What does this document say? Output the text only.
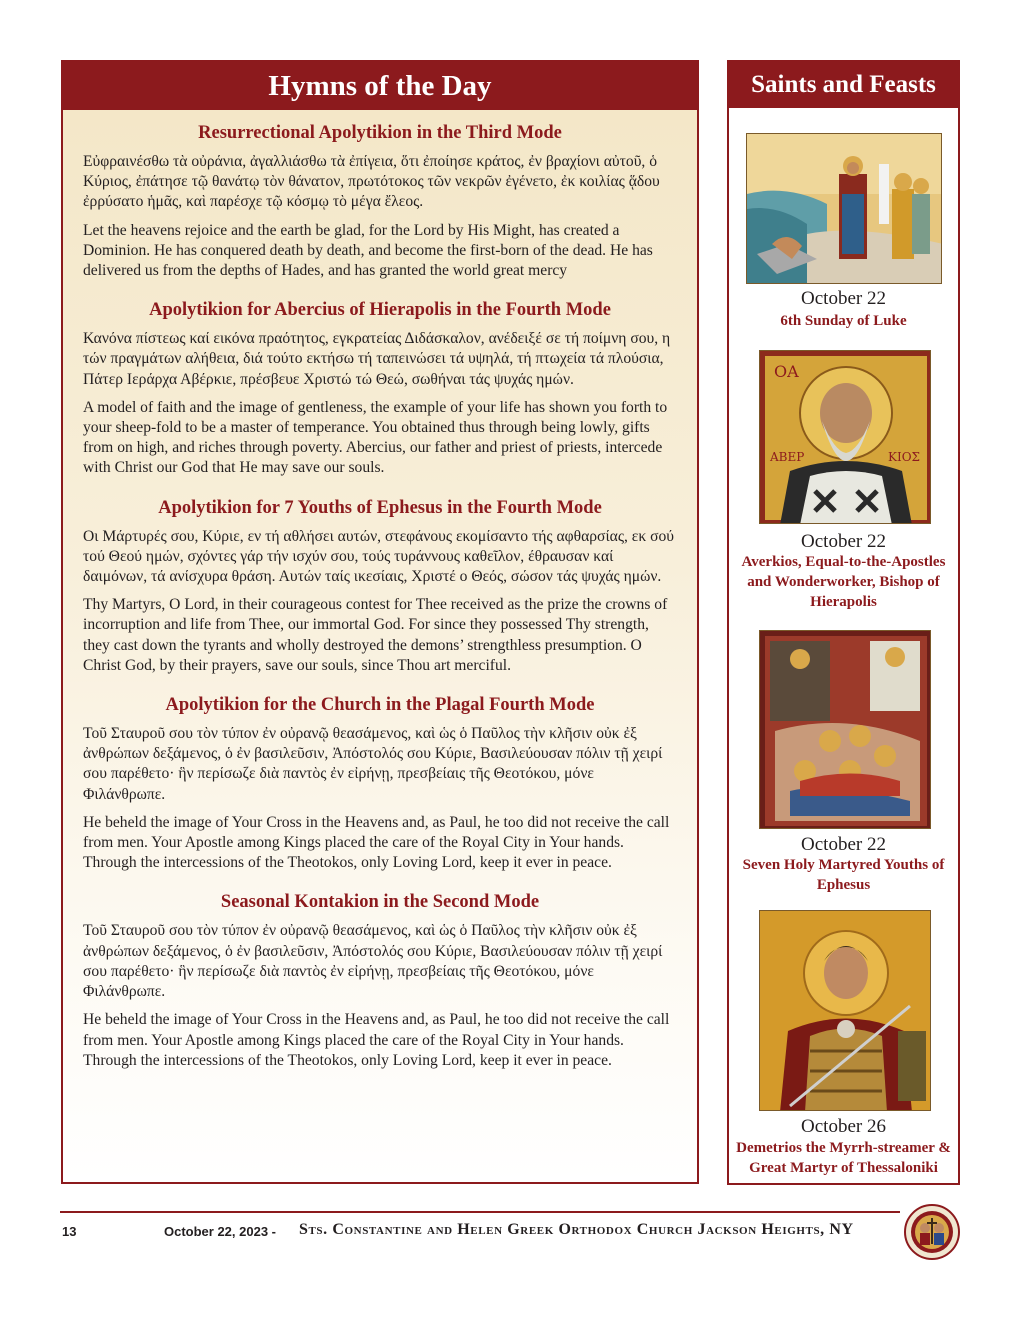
Hymns of the Day
Resurrectional Apolytikion in the Third Mode

Εὐφραινέσθω τὰ οὐράνια, ἀγαλλιάσθω τὰ ἐπίγεια, ὅτι ἐποίησε κράτος, ἐν βραχίονι αὐτοῦ, ὁ Κύριος, ἐπάτησε τῷ θανάτῳ τὸν θάνατον, πρωτότοκος τῶν νεκρῶν ἐγένετο, ἐκ κοιλίας ᾅδου ἐρρύσατο ἡμᾶς, καὶ παρέσχε τῷ κόσμῳ τὸ μέγα ἔλεος.

Let the heavens rejoice and the earth be glad, for the Lord by His Might, has created a Dominion. He has conquered death by death, and become the first-born of the dead. He has delivered us from the depths of Hades, and has granted the world great mercy

Apolytikion for Abercius of Hierapolis in the Fourth Mode

Κανόνα πίστεως καί εικόνα πραότητος, εγκρατείας Διδάσκαλον, ανέδειξέ σε τή ποίμνη σου, η τών πραγμάτων αλήθεια, διά τούτο εκτήσω τή ταπεινώσει τά υψηλά, τή πτωχεία τά πλούσια, Πάτερ Ιεράρχα Αβέρκιε, πρέσβευε Χριστώ τώ Θεώ, σωθήναι τάς ψυχάς ημών.

A model of faith and the image of gentleness, the example of your life has shown you forth to your sheep-fold to be a master of temperance. You obtained thus through being lowly, gifts from on high, and riches through poverty. Abercius, our father and priest of priests, intercede with Christ our God that He may save our souls.

Apolytikion for 7 Youths of Ephesus in the Fourth Mode

Οι Μάρτυρές σου, Κύριε, εν τή αθλήσει αυτών, στεφάνους εκομίσαντο τής αφθαρσίας, εκ σού τού Θεού ημών, σχόντες γάρ τήν ισχύν σου, τούς τυράννους καθεῖλον, έθραυσαν καί δαιμόνων, τά ανίσχυρα θράση. Αυτών ταίς ικεσίαις, Χριστέ ο Θεός, σώσον τάς ψυχάς ημών.

Thy Martyrs, O Lord, in their courageous contest for Thee received as the prize the crowns of incorruption and life from Thee, our immortal God. For since they possessed Thy strength, they cast down the tyrants and wholly destroyed the demons’ strengthless presumption. O Christ God, by their prayers, save our souls, since Thou art merciful.

Apolytikion for the Church in the Plagal Fourth Mode

Τοῦ Σταυροῦ σου τὸν τύπον ἐν οὐρανῷ θεασάμενος, καὶ ὡς ὁ Παῦλος τὴν κλῆσιν οὐκ ἐξ ἀνθρώπων δεξάμενος, ὁ ἐν βασιλεῦσιν, Ἀπόστολός σου Κύριε, Βασιλεύουσαν πόλιν τῇ χειρί σου παρέθετο· ἣν περίσωζε διὰ παντὸς ἐν εἰρήνῃ, πρεσβείαις τῆς Θεοτόκου, μόνε Φιλάνθρωπε.

He beheld the image of Your Cross in the Heavens and, as Paul, he too did not receive the call from men. Your Apostle among Kings placed the care of the Royal City in Your hands. Through the intercessions of the Theotokos, only Loving Lord, keep it ever in peace.

Seasonal Kontakion in the Second Mode

Τοῦ Σταυροῦ σου τὸν τύπον ἐν οὐρανῷ θεασάμενος, καὶ ὡς ὁ Παῦλος τὴν κλῆσιν οὐκ ἐξ ἀνθρώπων δεξάμενος, ὁ ἐν βασιλεῦσιν, Ἀπόστολός σου Κύριε, Βασιλεύουσαν πόλιν τῇ χειρί σου παρέθετο· ἣν περίσωζε διὰ παντὸς ἐν εἰρήνῃ, πρεσβείαις τῆς Θεοτόκου, μόνε Φιλάνθρωπε.

He beheld the image of Your Cross in the Heavens and, as Paul, he too did not receive the call from men. Your Apostle among Kings placed the care of the Royal City in Your hands. Through the intercessions of the Theotokos, only Loving Lord, keep it ever in peace.

Saints and Feasts
October 22
6th Sunday of Luke
ΟΑ
ΑΒΕΡ	ΚΙΟΣ
October 22
Averkios, Equal-to-the-Apostles and Wonderworker, Bishop of Hierapolis
October 22
Seven Holy Martyred Youths of Ephesus
October 26
Demetrios the Myrrh-streamer & Great Martyr of Thessaloniki
13	October 22, 2023 - Sts. Constantine and Helen Greek Orthodox Church Jackson Heights, NY
